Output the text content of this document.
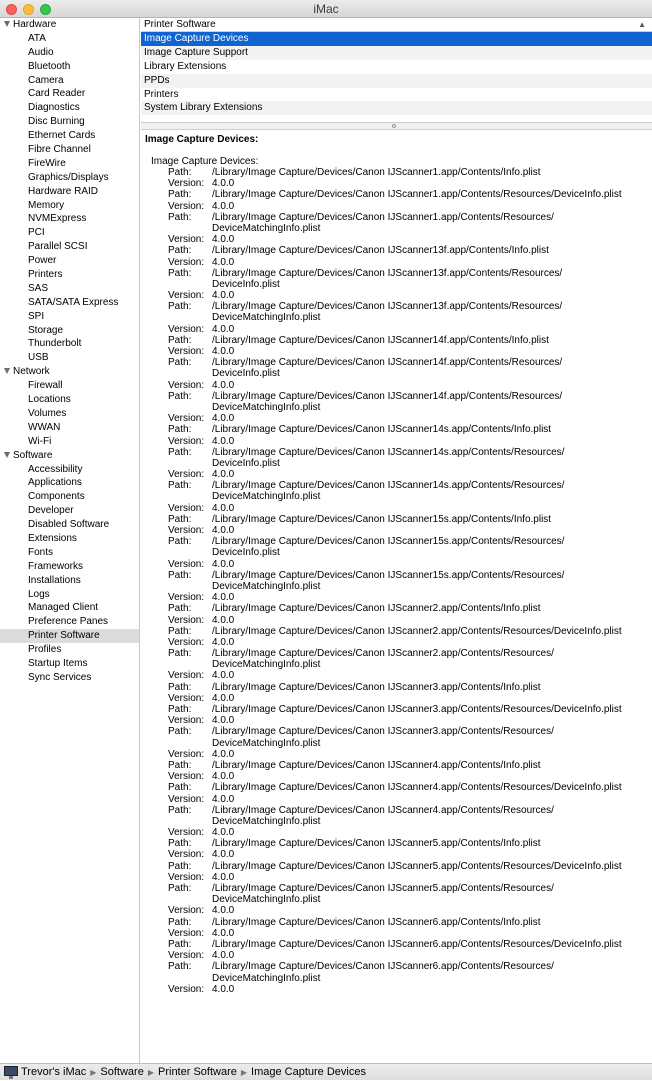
iMac
Hardware
ATA
Audio
Bluetooth
Camera
Card Reader
Diagnostics
Disc Burning
Ethernet Cards
Fibre Channel
FireWire
Graphics/Displays
Hardware RAID
Memory
NVMExpress
PCI
Parallel SCSI
Power
Printers
SAS
SATA/SATA Express
SPI
Storage
Thunderbolt
USB
Network
Firewall
Locations
Volumes
WWAN
Wi-Fi
Software
Accessibility
Applications
Components
Developer
Disabled Software
Extensions
Fonts
Frameworks
Installations
Logs
Managed Client
Preference Panes
Printer Software
Profiles
Startup Items
Sync Services
Printer Software	▲
Image Capture Devices
Image Capture Support
Library Extensions
PPDs
Printers
System Library Extensions
Image Capture Devices:
Image Capture Devices:
Path: /Library/Image Capture/Devices/Canon IJScanner1.app/Contents/Info.plist
Version: 4.0.0
Path: /Library/Image Capture/Devices/Canon IJScanner1.app/Contents/Resources/DeviceInfo.plist
Version: 4.0.0
Path: /Library/Image Capture/Devices/Canon IJScanner1.app/Contents/Resources/
DeviceMatchingInfo.plist
Version: 4.0.0
Path: /Library/Image Capture/Devices/Canon IJScanner13f.app/Contents/Info.plist
Version: 4.0.0
Path: /Library/Image Capture/Devices/Canon IJScanner13f.app/Contents/Resources/
DeviceInfo.plist
Version: 4.0.0
Path: /Library/Image Capture/Devices/Canon IJScanner13f.app/Contents/Resources/
DeviceMatchingInfo.plist
Version: 4.0.0
Path: /Library/Image Capture/Devices/Canon IJScanner14f.app/Contents/Info.plist
Version: 4.0.0
Path: /Library/Image Capture/Devices/Canon IJScanner14f.app/Contents/Resources/
DeviceInfo.plist
Version: 4.0.0
Path: /Library/Image Capture/Devices/Canon IJScanner14f.app/Contents/Resources/
DeviceMatchingInfo.plist
Version: 4.0.0
Path: /Library/Image Capture/Devices/Canon IJScanner14s.app/Contents/Info.plist
Version: 4.0.0
Path: /Library/Image Capture/Devices/Canon IJScanner14s.app/Contents/Resources/
DeviceInfo.plist
Version: 4.0.0
Path: /Library/Image Capture/Devices/Canon IJScanner14s.app/Contents/Resources/
DeviceMatchingInfo.plist
Version: 4.0.0
Path: /Library/Image Capture/Devices/Canon IJScanner15s.app/Contents/Info.plist
Version: 4.0.0
Path: /Library/Image Capture/Devices/Canon IJScanner15s.app/Contents/Resources/
DeviceInfo.plist
Version: 4.0.0
Path: /Library/Image Capture/Devices/Canon IJScanner15s.app/Contents/Resources/
DeviceMatchingInfo.plist
Version: 4.0.0
Path: /Library/Image Capture/Devices/Canon IJScanner2.app/Contents/Info.plist
Version: 4.0.0
Path: /Library/Image Capture/Devices/Canon IJScanner2.app/Contents/Resources/DeviceInfo.plist
Version: 4.0.0
Path: /Library/Image Capture/Devices/Canon IJScanner2.app/Contents/Resources/
DeviceMatchingInfo.plist
Version: 4.0.0
Path: /Library/Image Capture/Devices/Canon IJScanner3.app/Contents/Info.plist
Version: 4.0.0
Path: /Library/Image Capture/Devices/Canon IJScanner3.app/Contents/Resources/DeviceInfo.plist
Version: 4.0.0
Path: /Library/Image Capture/Devices/Canon IJScanner3.app/Contents/Resources/
DeviceMatchingInfo.plist
Version: 4.0.0
Path: /Library/Image Capture/Devices/Canon IJScanner4.app/Contents/Info.plist
Version: 4.0.0
Path: /Library/Image Capture/Devices/Canon IJScanner4.app/Contents/Resources/DeviceInfo.plist
Version: 4.0.0
Path: /Library/Image Capture/Devices/Canon IJScanner4.app/Contents/Resources/
DeviceMatchingInfo.plist
Version: 4.0.0
Path: /Library/Image Capture/Devices/Canon IJScanner5.app/Contents/Info.plist
Version: 4.0.0
Path: /Library/Image Capture/Devices/Canon IJScanner5.app/Contents/Resources/DeviceInfo.plist
Version: 4.0.0
Path: /Library/Image Capture/Devices/Canon IJScanner5.app/Contents/Resources/
DeviceMatchingInfo.plist
Version: 4.0.0
Path: /Library/Image Capture/Devices/Canon IJScanner6.app/Contents/Info.plist
Version: 4.0.0
Path: /Library/Image Capture/Devices/Canon IJScanner6.app/Contents/Resources/DeviceInfo.plist
Version: 4.0.0
Path: /Library/Image Capture/Devices/Canon IJScanner6.app/Contents/Resources/
DeviceMatchingInfo.plist
Version: 4.0.0
Trevor's iMac ▶ Software ▶ Printer Software ▶ Image Capture Devices
